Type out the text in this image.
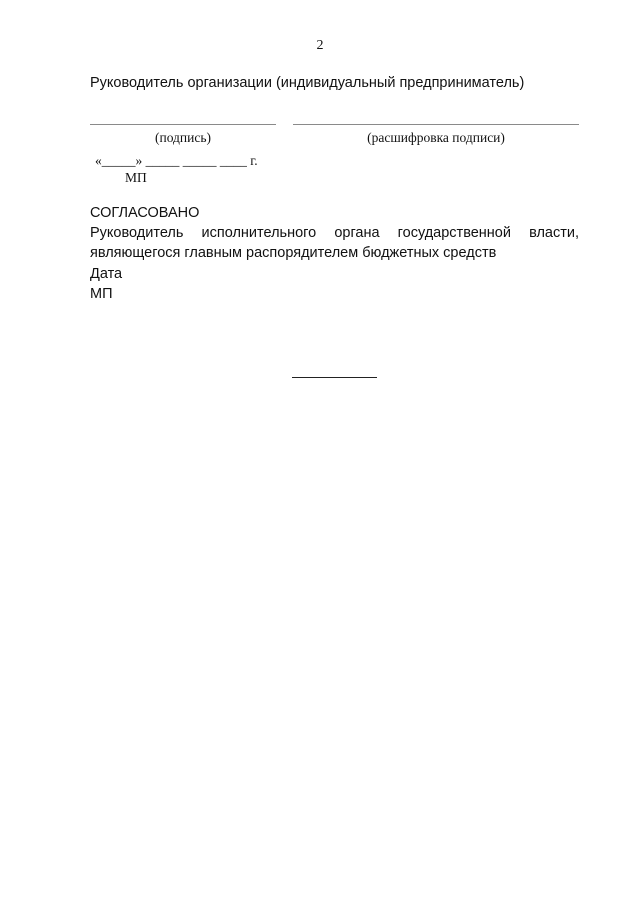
2
Руководитель организации (индивидуальный предприниматель)
(подпись)	(расшифровка подписи)
«_____» _____ _____ ____ г.
МП
СОГЛАСОВАНО
Руководитель исполнительного органа государственной власти,
являющегося главным распорядителем бюджетных средств
Дата
МП
